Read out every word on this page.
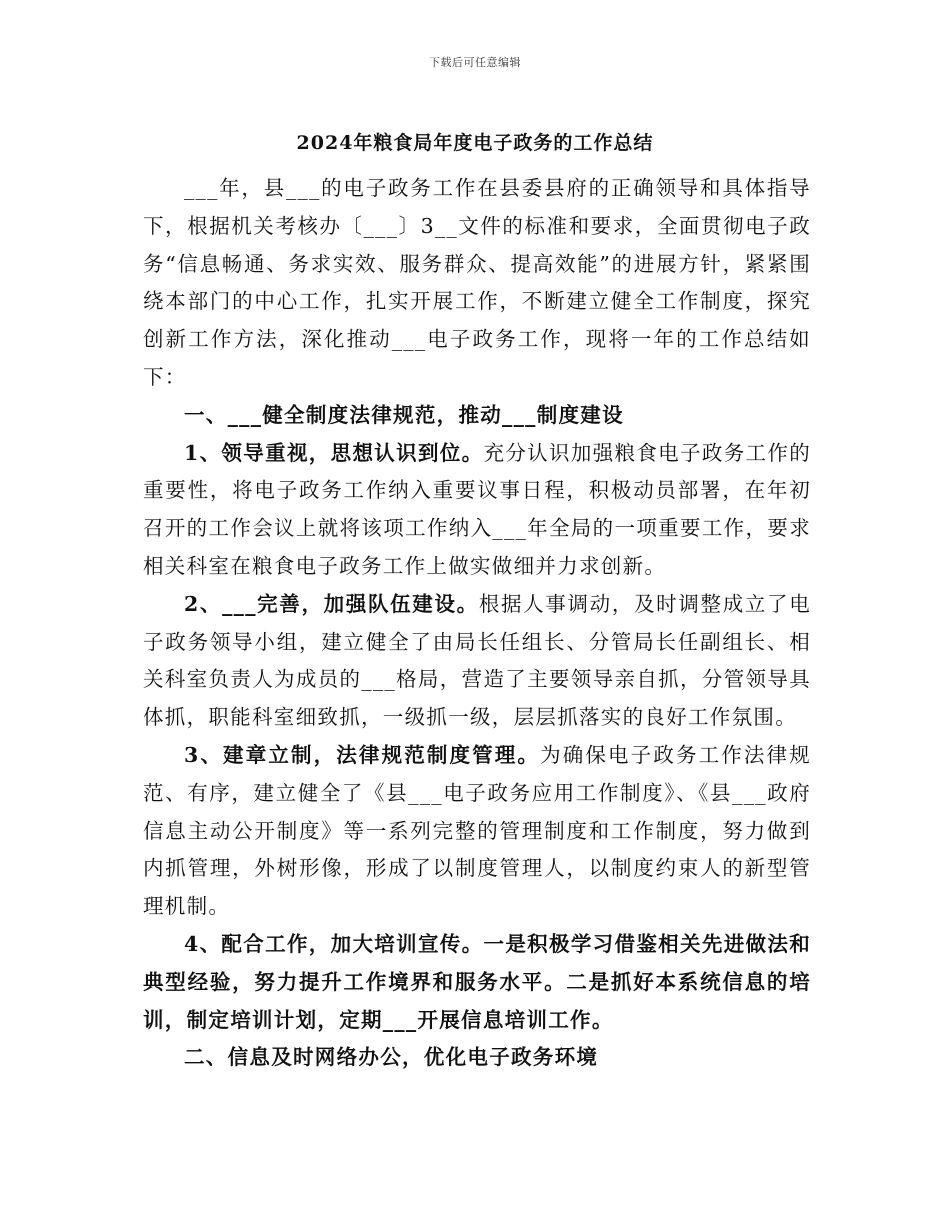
下载后可任意编辑
2024年粮食局年度电子政务的工作总结

___年，县___的电子政务工作在县委县府的正确领导和具体指导下，根据机关考核办〔___〕3__文件的标准和要求，全面贯彻电子政务“信息畅通、务求实效、服务群众、提高效能”的进展方针，紧紧围绕本部门的中心工作，扎实开展工作，不断建立健全工作制度，探究创新工作方法，深化推动___电子政务工作，现将一年的工作总结如下：

一、___健全制度法律规范，推动___制度建设

1、领导重视，思想认识到位。充分认识加强粮食电子政务工作的重要性，将电子政务工作纳入重要议事日程，积极动员部署，在年初召开的工作会议上就将该项工作纳入___年全局的一项重要工作，要求相关科室在粮食电子政务工作上做实做细并力求创新。

2、___完善，加强队伍建设。根据人事调动，及时调整成立了电子政务领导小组，建立健全了由局长任组长、分管局长任副组长、相关科室负责人为成员的___格局，营造了主要领导亲自抓，分管领导具体抓，职能科室细致抓，一级抓一级，层层抓落实的良好工作氛围。

3、建章立制，法律规范制度管理。为确保电子政务工作法律规范、有序，建立健全了《县___电子政务应用工作制度》、《县___政府信息主动公开制度》等一系列完整的管理制度和工作制度，努力做到内抓管理，外树形像，形成了以制度管理人，以制度约束人的新型管理机制。

4、配合工作，加大培训宣传。一是积极学习借鉴相关先进做法和典型经验，努力提升工作境界和服务水平。二是抓好本系统信息的培训，制定培训计划，定期___开展信息培训工作。

二、信息及时网络办公，优化电子政务环境
